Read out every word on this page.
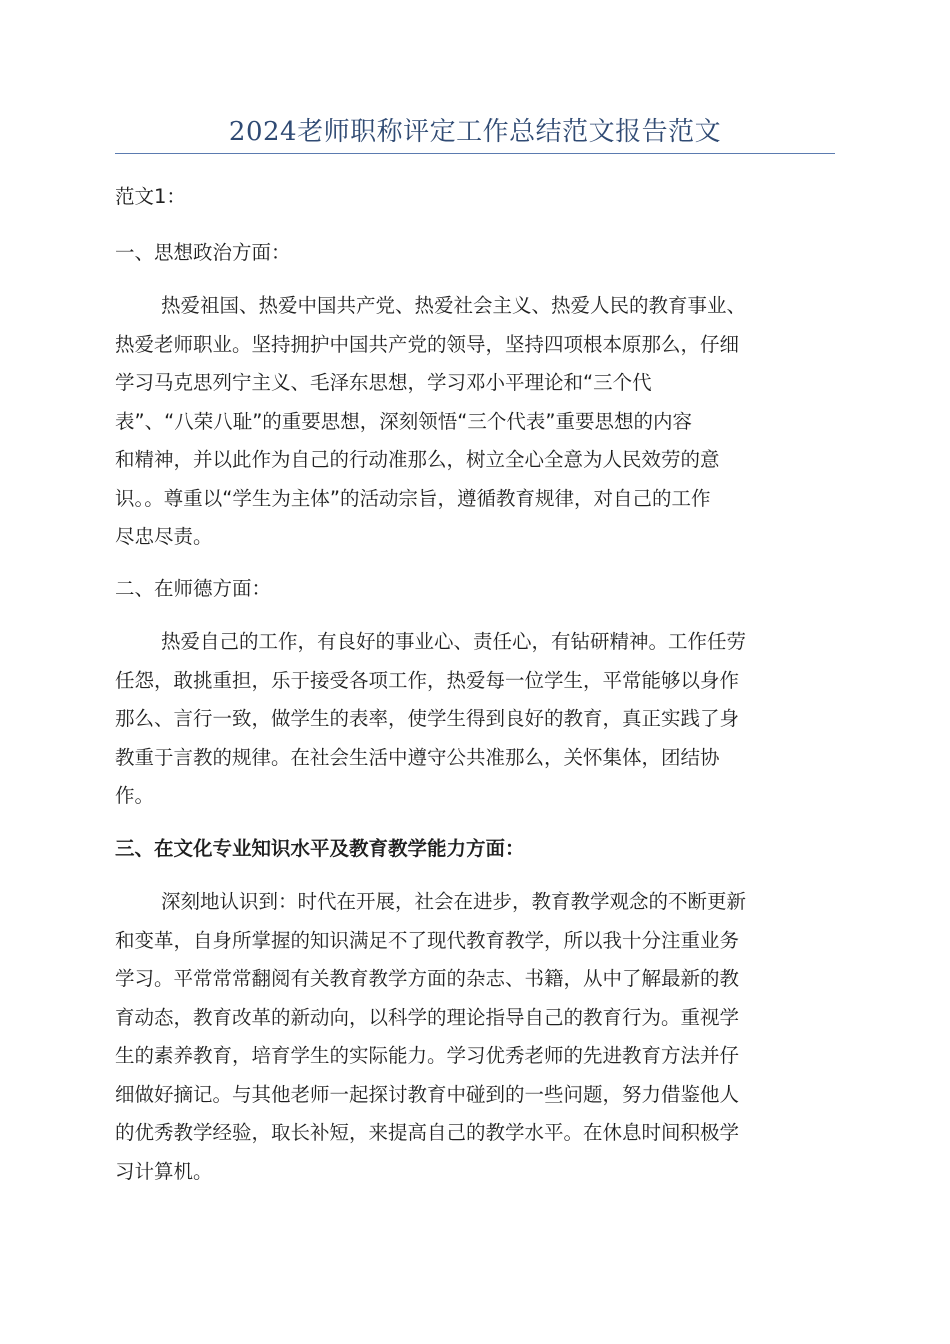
2024老师职称评定工作总结范文报告范文

范文1：

一、思想政治方面：

热爱祖国、热爱中国共产党、热爱社会主义、热爱人民的教育事业、
热爱老师职业。坚持拥护中国共产党的领导，坚持四项根本原那么，仔细
学习马克思列宁主义、毛泽东思想，学习邓小平理论和“三个代
表”、“八荣八耻”的重要思想，深刻领悟“三个代表”重要思想的内容
和精神，并以此作为自己的行动准那么，树立全心全意为人民效劳的意
识。。尊重以“学生为主体”的活动宗旨，遵循教育规律，对自己的工作
尽忠尽责。

二、在师德方面：

热爱自己的工作，有良好的事业心、责任心，有钻研精神。工作任劳
任怨，敢挑重担，乐于接受各项工作，热爱每一位学生，平常能够以身作
那么、言行一致，做学生的表率，使学生得到良好的教育，真正实践了身
教重于言教的规律。在社会生活中遵守公共准那么，关怀集体，团结协
作。

三、在文化专业知识水平及教育教学能力方面：

深刻地认识到：时代在开展，社会在进步，教育教学观念的不断更新
和变革，自身所掌握的知识满足不了现代教育教学，所以我十分注重业务
学习。平常常常翻阅有关教育教学方面的杂志、书籍，从中了解最新的教
育动态，教育改革的新动向，以科学的理论指导自己的教育行为。重视学
生的素养教育，培育学生的实际能力。学习优秀老师的先进教育方法并仔
细做好摘记。与其他老师一起探讨教育中碰到的一些问题，努力借鉴他人
的优秀教学经验，取长补短，来提高自己的教学水平。在休息时间积极学
习计算机。
